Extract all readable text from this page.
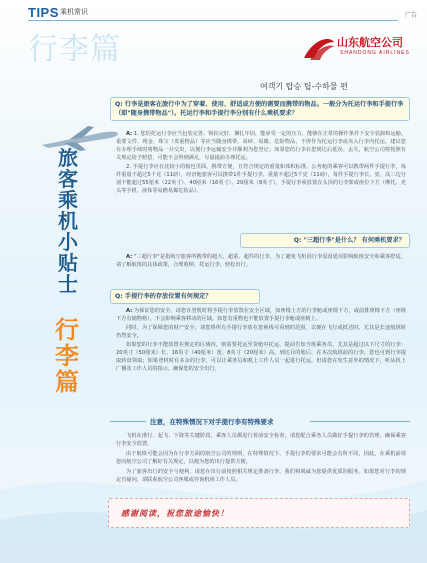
TIPS 乘机常识	广告
行李篇	山东航空公司
SHANDONG AIRLINES
여객기 탑승 팁-수하물 편
旅客乘机小贴士
行李篇
Q: 行李是旅客在旅行中为了穿着、使用、舒适或方便的需要而携带的物品。一般分为托运行李和手提行李（即"随身携带物品"）。托运行李和手提行李分别有什么乘机要求？

A: 1. 您的托运行李应当包装完善、锁扣完好、捆扎牢固，能承受一定的压力，能够在正常的操作条件下安全装卸和运输。重要文件、现金、珠宝（贵重物品）等应当随身携带，易碎、易腐、危险物品，不得作为托运行李或夹入行李内托运，建议您在办理手续时将物品一并交出，以便行李运输安全并顺利为您登记；如果您的行李在您到达后延误、丢失，航空公司将按照有关规定给予赔偿，可能不会得到满足，尽量提前办理托运。

2. 手提行李应在比较小的箱包里面，携带方便，且符合规定的重量和体积标准。公务舱的乘客可以携带两件手提行李，每件重量不超过5千克（11磅），经济舱旅客可以携带1件手提行李，重量不超过5千克（11磅），每件手提行李长、宽、高三边分别不能超过55厘米（22英寸）、40厘米（16英寸）、20厘米（8英寸）。手提行李须放置在头顶的行李架或座位下方（摩托、光头等手机、液体等易燃易爆危险品）。

Q: "三超行李"是什么？ 有何乘机要求？

A: "三超行李"是指航空旅客所携带的超大、超重、超件的行李，为了避免飞机因行李原因延误影响航班安全和乘客舒适，请了解航班的具体政策，合理收纳、托运行李，轻松出行。

Q: 手提行李的存放位置有何规定？

A: 为保证您的安全，请您在登机时将手提行李放置在安全区域，如座椅上方的行李舱或座椅下方，或前排座椅下方（座椅下方有储物格），不会影响乘客移动的区域。如您有重物也不能放置手提行李舱或座椅上。

同时，为了保障您的财产安全，请您将所有手提行李放在您视线可看到的范围，以便在飞行或抵达时，尤其是长途航班时仍然安全。

如果您的行李不能放置在规定的区域内，则需要托运至货舱中托运，提前告知当班乘务员，尤其是超过以下尺寸的行李：20英寸（50厘米）长、16英寸（40厘米）宽、8英寸（20厘米）高。到达目的地后，在本次航班前的行李，您也可到行李提取转盘领取；如果登机时有多余的行李，可以让乘务员和机上工作人员一起进行托运，但请您在发生意外的情况下，听从机上广播及工作人员的指示，确保您的安全出行。

注意，在特殊情况下对手提行李有特殊要求

飞机在滑行、起飞、下降等关键阶段，乘客人员都进行着前安全检查，请您配合乘务人员做好手提行李的管理，确保乘客行李安全放置。

由于航班可能会因为在行李方面的航空公司的规则、在特殊情况下、手提行李的要求可能会有所不同，因此，在乘机前请您向航空公司了解好有关规定，以便为您的出行提供方便。

为了旅客出行的安全与便利，请您在出行前按照相关规定准备行李，我们将竭诚为您提供优质的服务。如果您对行李的规定有疑问，请联系航空公司客服或咨询机场工作人员。

感谢阅读，祝您旅途愉快！
